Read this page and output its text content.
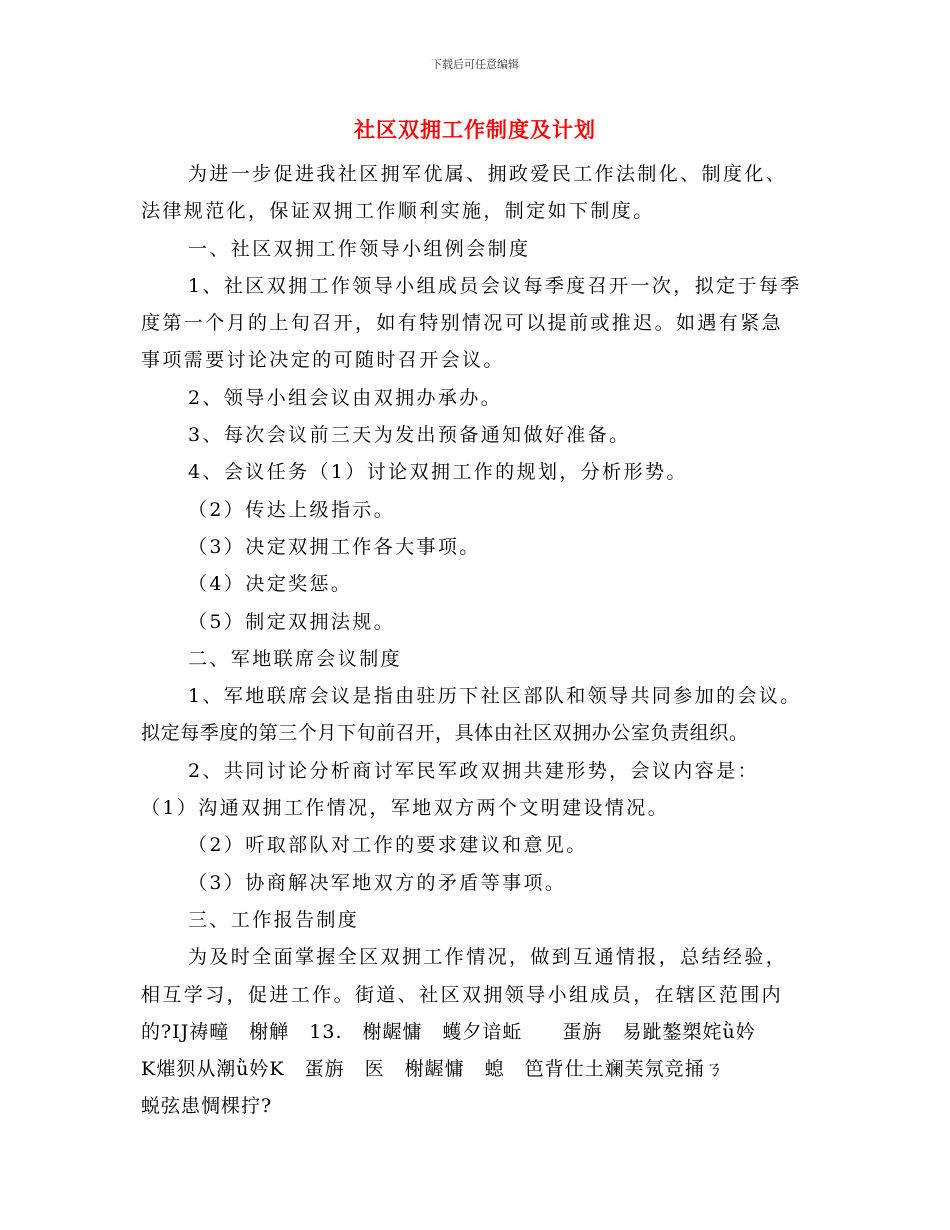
下载后可任意编辑
社区双拥工作制度及计划
为进一步促进我社区拥军优属、拥政爱民工作法制化、制度化、
法律规范化，保证双拥工作顺利实施，制定如下制度。
一、社区双拥工作领导小组例会制度
1、社区双拥工作领导小组成员会议每季度召开一次，拟定于每季
度第一个月的上旬召开，如有特别情况可以提前或推迟。如遇有紧急
事项需要讨论决定的可随时召开会议。
2、领导小组会议由双拥办承办。
3、每次会议前三天为发出预备通知做好准备。
4、会议任务（1）讨论双拥工作的规划，分析形势。
（2）传达上级指示。
（3）决定双拥工作各大事项。
（4）决定奖惩。
（5）制定双拥法规。
二、军地联席会议制度
1、军地联席会议是指由驻历下社区部队和领导共同参加的会议。
拟定每季度的第三个月下旬前召开，具体由社区双拥办公室负责组织。
2、共同讨论分析商讨军民军政双拥共建形势，会议内容是：
（1）沟通双拥工作情况，军地双方两个文明建设情况。
（2）听取部队对工作的要求建议和意见。
（3）协商解决军地双方的矛盾等事项。
三、工作报告制度
为及时全面掌握全区双拥工作情况，做到互通情报，总结经验，
相互学习，促进工作。街道、社区双拥领导小组成员，在辖区范围内
的?IJ祷疃　榭觯　13.　榭龌慵　蠖夕谙蚯　　蛋旃　易跐鏊槊姹ǜ妗
K熣狈从潮ǜ妗K　蛋旃　医　榭龌慵　螅　笆背仕土斓芙氖竞捅ㄋ
蜕弦患惆棵拧?
